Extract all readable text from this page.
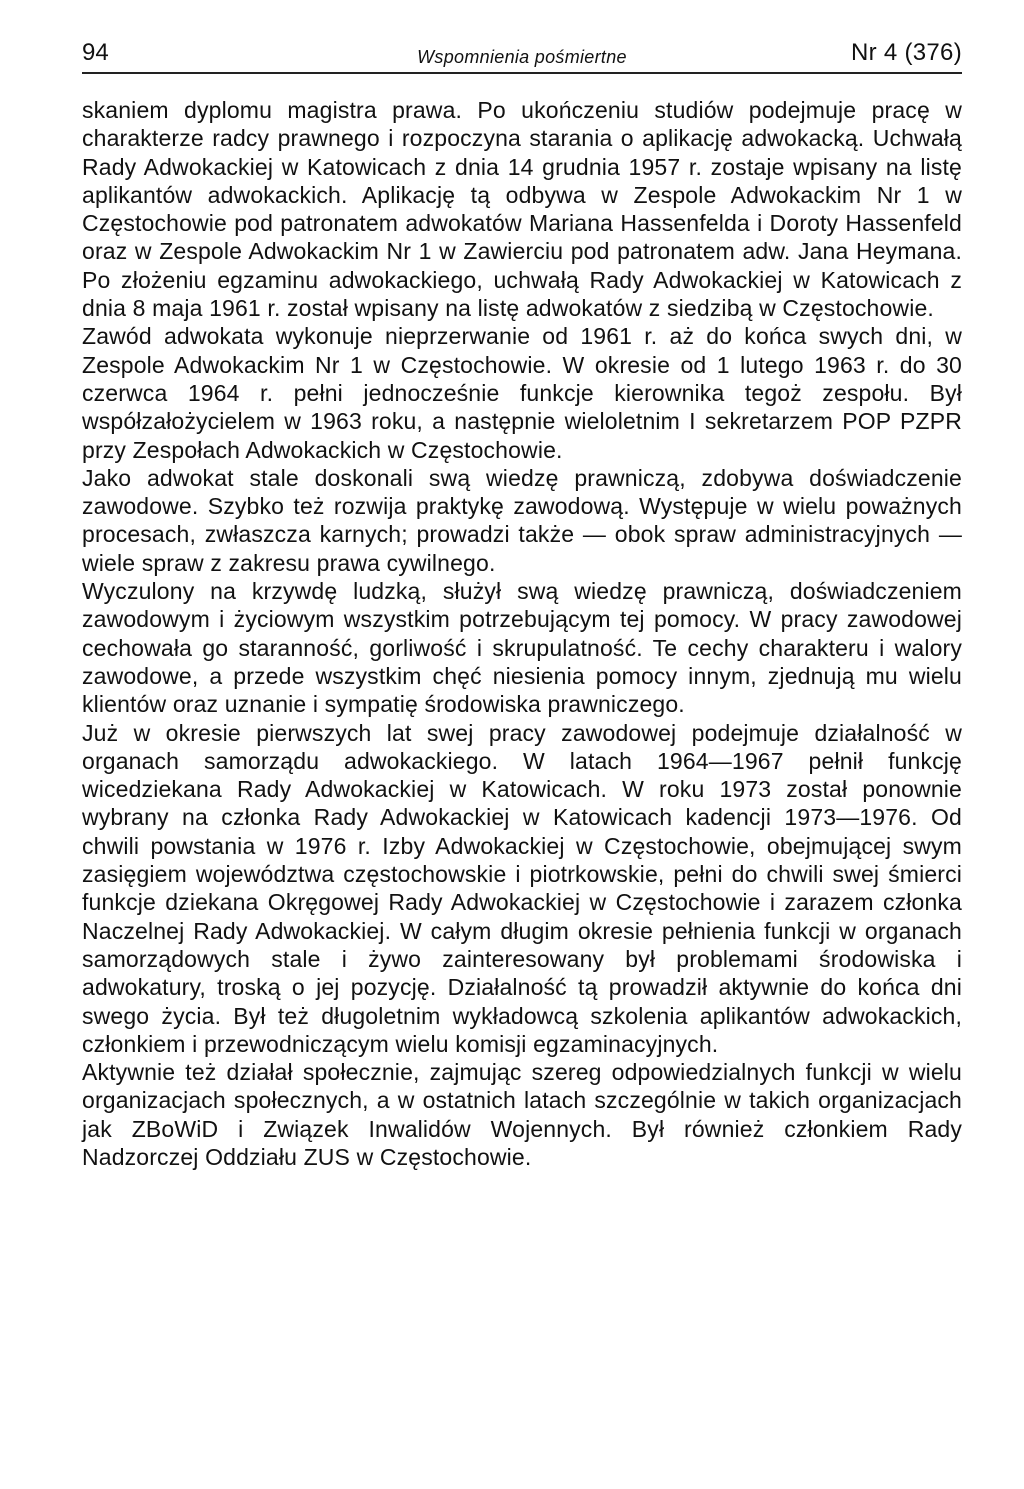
94	Wspomnienia pośmiertne	Nr 4 (376)

skaniem dyplomu magistra prawa. Po ukończeniu studiów podejmuje pracę w charakterze radcy prawnego i rozpoczyna starania o aplikację adwokacką. Uchwałą Rady Adwokackiej w Katowicach z dnia 14 grudnia 1957 r. zostaje wpisany na listę aplikantów adwokackich. Aplikację tą odbywa w Zespole Adwokackim Nr 1 w Częstochowie pod patronatem adwokatów Mariana Hassenfelda i Doroty Hassenfeld oraz w Zespole Adwokackim Nr 1 w Zawierciu pod patronatem adw. Jana Heymana. Po złożeniu egzaminu adwokackiego, uchwałą Rady Adwokackiej w Katowicach z dnia 8 maja 1961 r. został wpisany na listę adwokatów z siedzibą w Częstochowie.

Zawód adwokata wykonuje nieprzerwanie od 1961 r. aż do końca swych dni, w Zespole Adwokackim Nr 1 w Częstochowie. W okresie od 1 lutego 1963 r. do 30 czerwca 1964 r. pełni jednocześnie funkcje kierownika tegoż zespołu. Był współzałożycielem w 1963 roku, a następnie wieloletnim I sekretarzem POP PZPR przy Zespołach Adwokackich w Częstochowie.

Jako adwokat stale doskonali swą wiedzę prawniczą, zdobywa doświadczenie zawodowe. Szybko też rozwija praktykę zawodową. Występuje w wielu poważnych procesach, zwłaszcza karnych; prowadzi także — obok spraw administracyjnych — wiele spraw z zakresu prawa cywilnego.

Wyczulony na krzywdę ludzką, służył swą wiedzę prawniczą, doświadczeniem zawodowym i życiowym wszystkim potrzebującym tej pomocy. W pracy zawodowej cechowała go staranność, gorliwość i skrupulatność. Te cechy charakteru i walory zawodowe, a przede wszystkim chęć niesienia pomocy innym, zjednują mu wielu klientów oraz uznanie i sympatię środowiska prawniczego.

Już w okresie pierwszych lat swej pracy zawodowej podejmuje działalność w organach samorządu adwokackiego. W latach 1964—1967 pełnił funkcję wicedziekana Rady Adwokackiej w Katowicach. W roku 1973 został ponownie wybrany na członka Rady Adwokackiej w Katowicach kadencji 1973—1976. Od chwili powstania w 1976 r. Izby Adwokackiej w Częstochowie, obejmującej swym zasięgiem województwa częstochowskie i piotrkowskie, pełni do chwili swej śmierci funkcje dziekana Okręgowej Rady Adwokackiej w Częstochowie i zarazem członka Naczelnej Rady Adwokackiej. W całym długim okresie pełnienia funkcji w organach samorządowych stale i żywo zainteresowany był problemami środowiska i adwokatury, troską o jej pozycję. Działalność tą prowadził aktywnie do końca dni swego życia. Był też długoletnim wykładowcą szkolenia aplikantów adwokackich, członkiem i przewodniczącym wielu komisji egzaminacyjnych.

Aktywnie też działał społecznie, zajmując szereg odpowiedzialnych funkcji w wielu organizacjach społecznych, a w ostatnich latach szczególnie w takich organizacjach jak ZBoWiD i Związek Inwalidów Wojennych. Był również członkiem Rady Nadzorczej Oddziału ZUS w Częstochowie.
